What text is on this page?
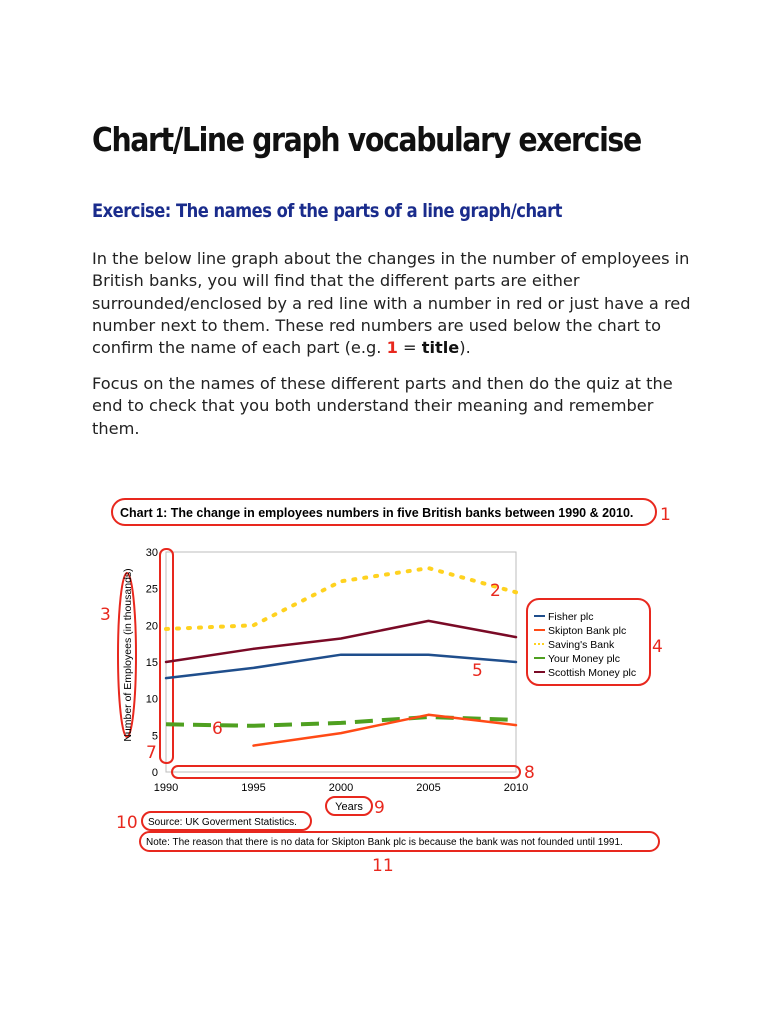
Chart/Line graph vocabulary exercise
Exercise: The names of the parts of a line graph/chart

In the below line graph about the changes in the number of employees in British banks, you will find that the different parts are either surrounded/enclosed by a red line with a number in red or just have a red number next to them. These red numbers are used below the chart to confirm the name of each part (e.g. 1 = title).

Focus on the names of these different parts and then do the quiz at the end to check that you both understand their meaning and remember them.

Chart 1: The change in employees numbers in five British banks between 1990 & 2010. 1
7
8
0
5
10
15
20
25
30
1990	1995	2000	2005	2010
Number of Employees (in thousands)
3
2
5
6
Fisher plc
Skipton Bank plc
Saving's Bank
Your Money plc
Scottish Money plc
4
Years 9
Source: UK Goverment Statistics.
10
Note: The reason that there is no data for Skipton Bank plc is because the bank was not founded until 1991.
11
